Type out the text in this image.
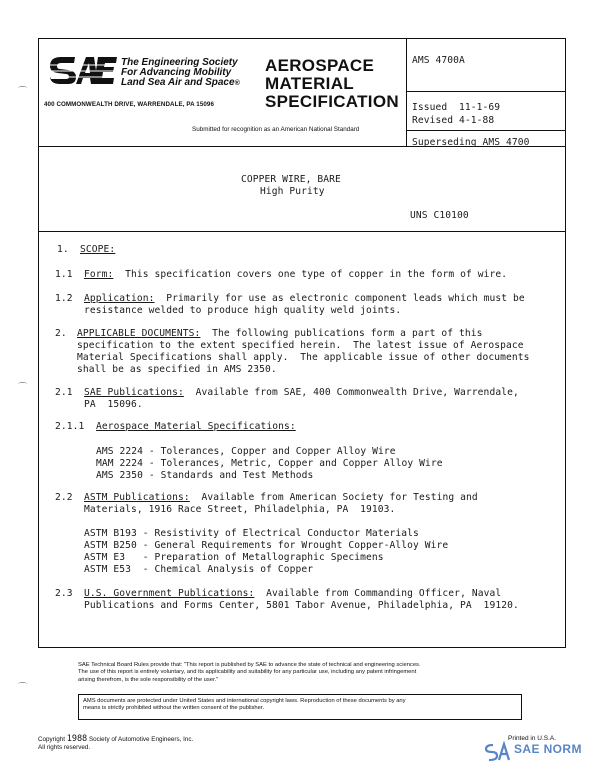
The Engineering Society
For Advancing Mobility
Land Sea Air and Space®
400 COMMONWEALTH DRIVE, WARRENDALE, PA 15096
AEROSPACE
MATERIAL
SPECIFICATION
Submitted for recognition as an American National Standard
AMS 4700A
Issued  11-1-69
Revised 4-1-88
Superseding AMS 4700
COPPER WIRE, BARE
High Purity
UNS C10100
1. SCOPE:
1.1 Form:  This specification covers one type of copper in the form of wire.
1.2 Application:  Primarily for use as electronic component leads which must be
resistance welded to produce high quality weld joints.
2. APPLICABLE DOCUMENTS:  The following publications form a part of this
specification to the extent specified herein.  The latest issue of Aerospace
Material Specifications shall apply.  The applicable issue of other documents
shall be as specified in AMS 2350.
2.1 SAE Publications:  Available from SAE, 400 Commonwealth Drive, Warrendale,
PA  15096.
2.1.1 Aerospace Material Specifications:
AMS 2224 - Tolerances, Copper and Copper Alloy Wire
MAM 2224 - Tolerances, Metric, Copper and Copper Alloy Wire
AMS 2350 - Standards and Test Methods
2.2 ASTM Publications:  Available from American Society for Testing and
Materials, 1916 Race Street, Philadelphia, PA  19103.
ASTM B193 - Resistivity of Electrical Conductor Materials
ASTM B250 - General Requirements for Wrought Copper-Alloy Wire
ASTM E3   - Preparation of Metallographic Specimens
ASTM E53  - Chemical Analysis of Copper
2.3 U.S. Government Publications:  Available from Commanding Officer, Naval
Publications and Forms Center, 5801 Tabor Avenue, Philadelphia, PA  19120.
SAE Technical Board Rules provide that: "This report is published by SAE to advance the state of technical and engineering sciences.
The use of this report is entirely voluntary, and its applicability and suitability for any particular use, including any patent infringement
arising therefrom, is the sole responsibility of the user."
AMS documents are protected under United States and international copyright laws. Reproduction of these documents by any
means is strictly prohibited without the written consent of the publisher.
Copyright 1988 Society of Automotive Engineers, Inc.
All rights reserved.
Printed in U.S.A.
SAE NORM
⌒
⌒
⌒
